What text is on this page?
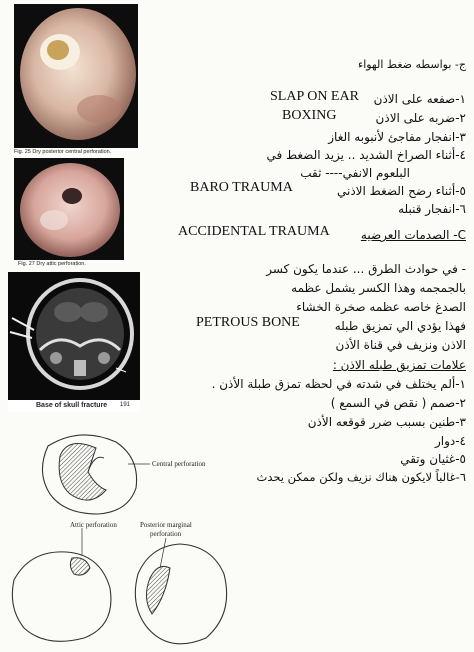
Fig. 25 Dry posterior central perforation.
Fig. 27 Dry attic perforation.
Base of skull fracture 191
ج- بواسطه ضغط الهواء
١-صفعه على الاذن
SLAP ON EAR
٢-ضربه على الاذن
BOXING
٣-انفجار مفاجئ لأنبوبه الغاز
٤-أثناء الصراخ الشديد .. يزيد الضغط في
البلعوم الانفي---- ثقب
٥-أثناء رضح الضغط الاذني
BARO TRAUMA
٦-انفجار قنبله
C- الصدمات العرضيه
ACCIDENTAL TRAUMA
- في حوادث الطرق ... عندما يكون كسر
بالجمجمه وهذا الكسر يشمل عظمه
الصدغ خاصه عظمه صخرة الخشاء
فهذا يؤدي الي تمزيق طبله
PETROUS BONE
الاذن ونزيف في قناة الأذن
علامات تمزيق طبله الاذن :
١-ألم يختلف في شدته في لحظه تمزق طبلة الأذن .
٢-صمم ( نقص في السمع )
٣-طنين بسبب ضرر قوقعه الأذن
٤-دوار
٥-غثيان وتقي
٦-غالباً لايكون هناك نزيف ولكن ممكن يحدث
Central perforation
Attic perforation	Posterior marginal
perforation
